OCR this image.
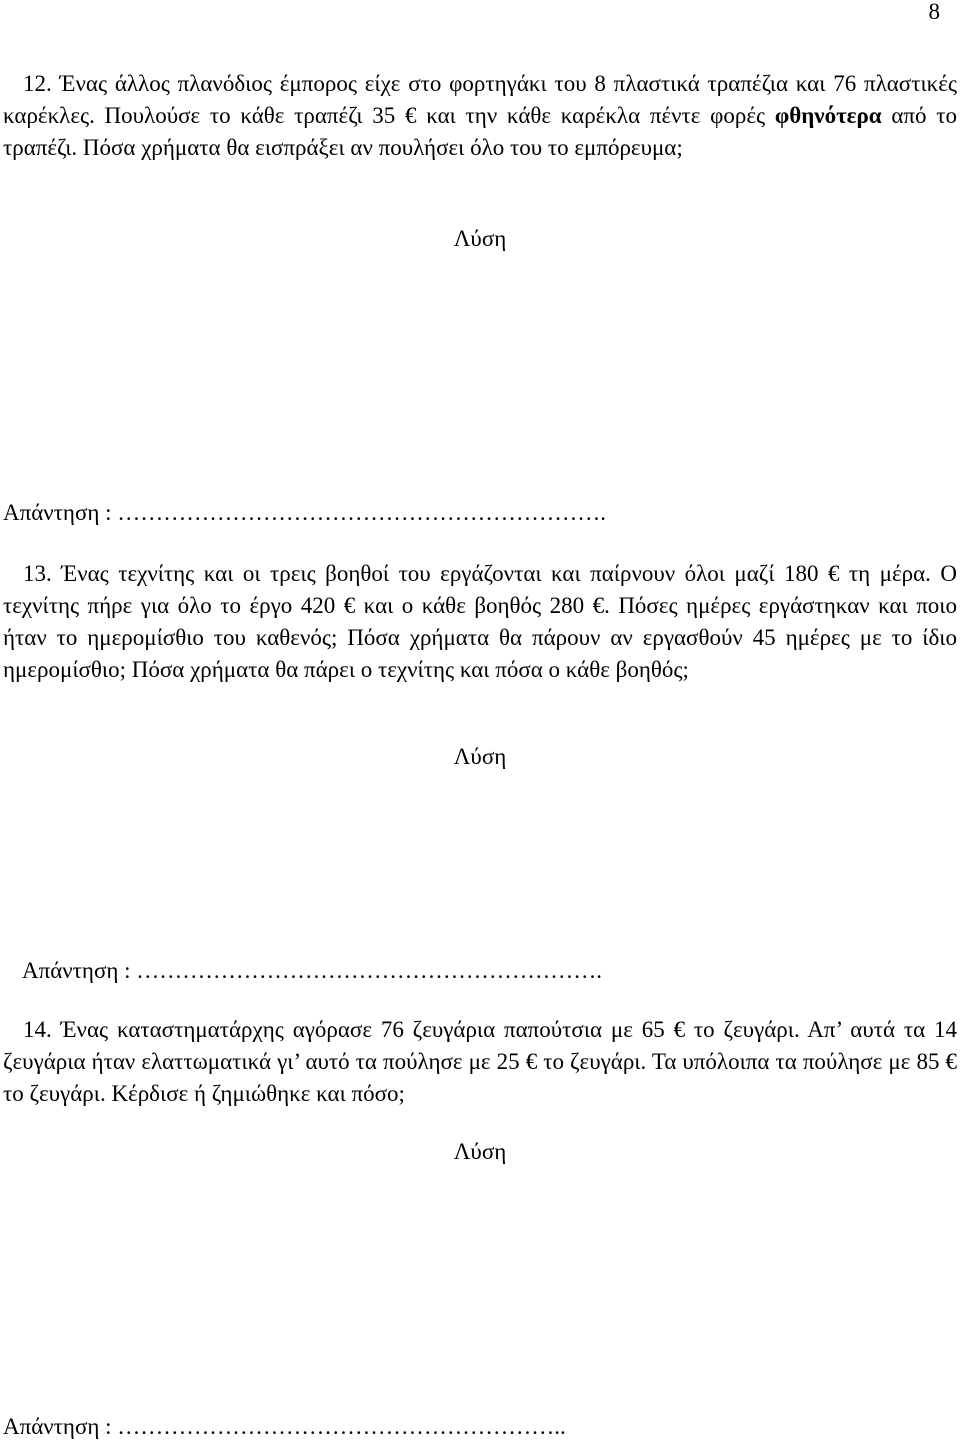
8

12. Ένας άλλος πλανόδιος έμπορος είχε στο φορτηγάκι του 8 πλαστικά τραπέζια και 76 πλαστικές καρέκλες. Πουλούσε το κάθε τραπέζι 35 € και την κάθε καρέκλα πέντε φορές φθηνότερα από το τραπέζι. Πόσα χρήματα θα εισπράξει αν πουλήσει όλο του το εμπόρευμα;

Λύση
Απάντηση : ……………………………………………………….

13. Ένας τεχνίτης και οι τρεις βοηθοί του εργάζονται και παίρνουν όλοι μαζί 180 € τη μέρα. Ο τεχνίτης πήρε για όλο το έργο 420 € και ο κάθε βοηθός 280 €. Πόσες ημέρες εργάστηκαν και ποιο ήταν το ημερομίσθιο του καθενός; Πόσα χρήματα θα πάρουν αν εργασθούν 45 ημέρες με το ίδιο ημερομίσθιο; Πόσα χρήματα θα πάρει ο τεχνίτης και πόσα ο κάθε βοηθός;

Λύση
Απάντηση : …………………………………………………….

14. Ένας καταστηματάρχης αγόρασε 76 ζευγάρια παπούτσια με 65 € το ζευγάρι. Απ’ αυτά τα 14 ζευγάρια ήταν ελαττωματικά γι’ αυτό τα πούλησε με 25 € το ζευγάρι. Τα υπόλοιπα τα πούλησε με 85 € το ζευγάρι. Κέρδισε ή ζημιώθηκε και πόσο;

Λύση
Απάντηση : …………………………………………………..
